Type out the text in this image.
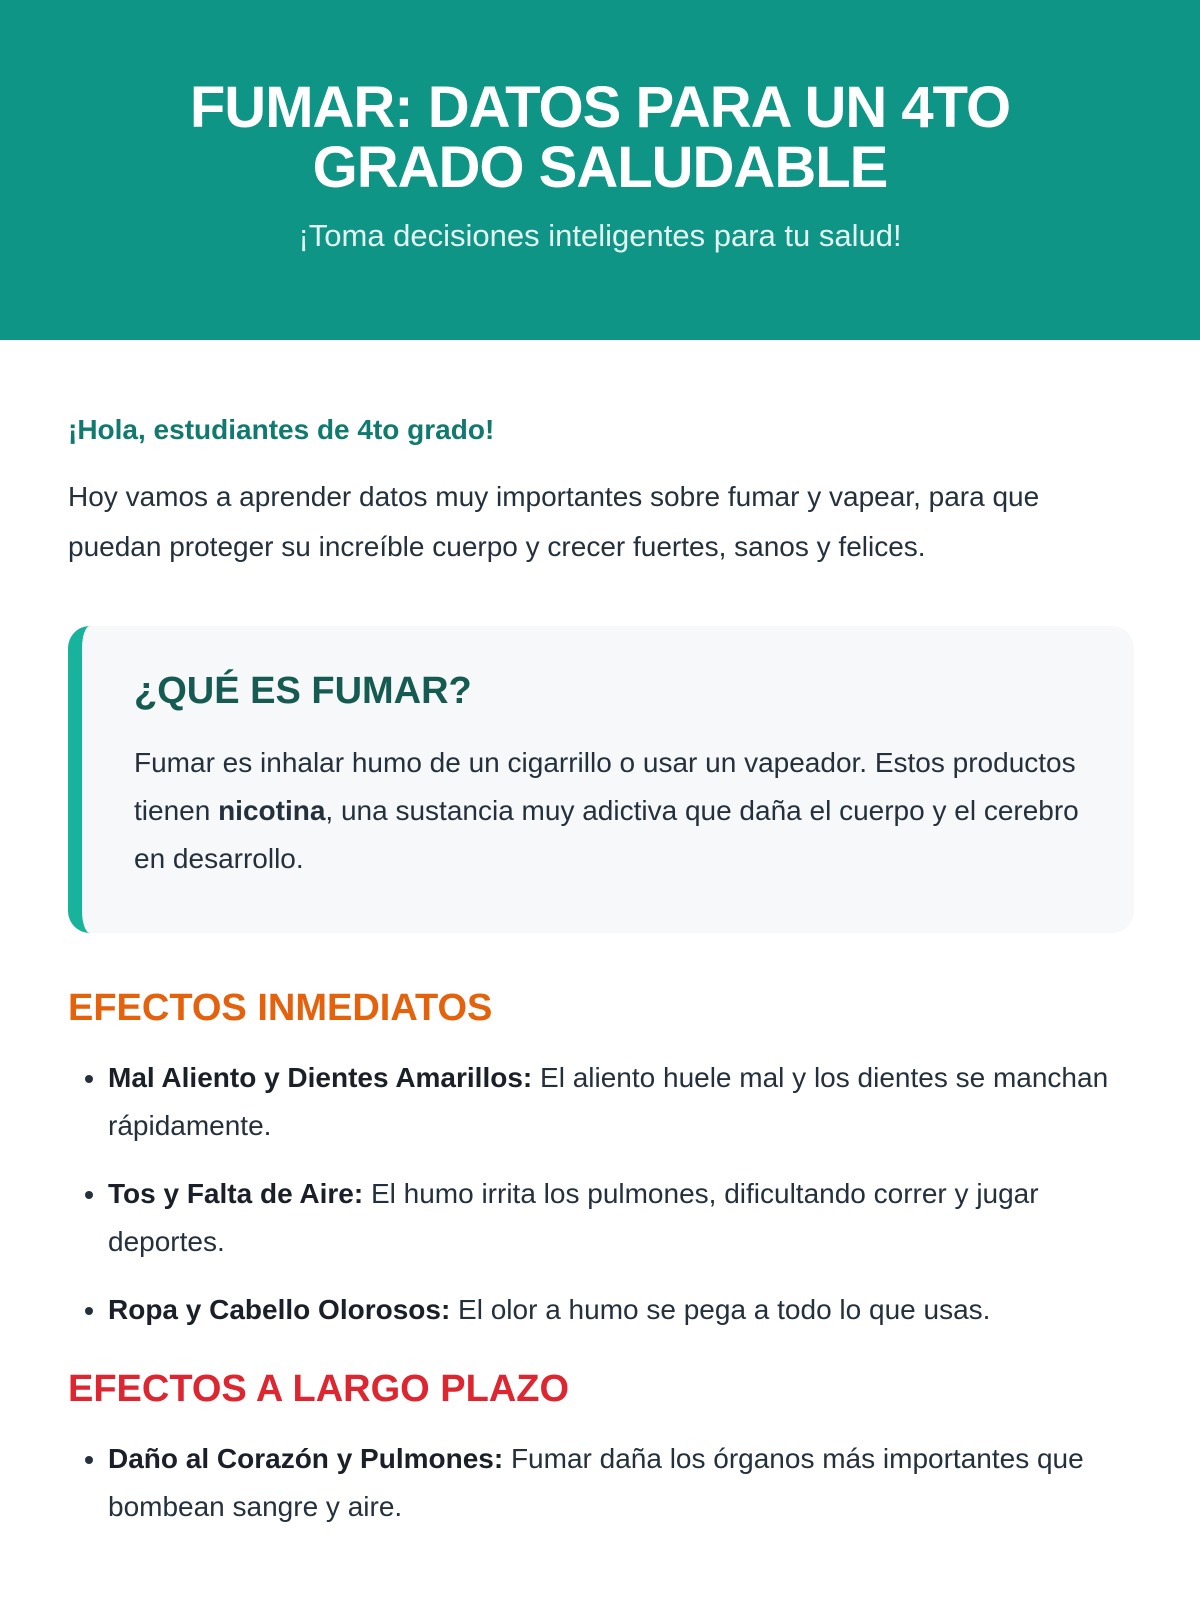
FUMAR: DATOS PARA UN 4TO GRADO SALUDABLE
¡Toma decisiones inteligentes para tu salud!
¡Hola, estudiantes de 4to grado!

Hoy vamos a aprender datos muy importantes sobre fumar y vapear, para que puedan proteger su increíble cuerpo y crecer fuertes, sanos y felices.

¿QUÉ ES FUMAR?

Fumar es inhalar humo de un cigarrillo o usar un vapeador. Estos productos tienen nicotina, una sustancia muy adictiva que daña el cuerpo y el cerebro en desarrollo.

EFECTOS INMEDIATOS
• Mal Aliento y Dientes Amarillos: El aliento huele mal y los dientes se manchan rápidamente.
• Tos y Falta de Aire: El humo irrita los pulmones, dificultando correr y jugar deportes.
• Ropa y Cabello Olorosos: El olor a humo se pega a todo lo que usas.
EFECTOS A LARGO PLAZO
• Daño al Corazón y Pulmones: Fumar daña los órganos más importantes que bombean sangre y aire.
